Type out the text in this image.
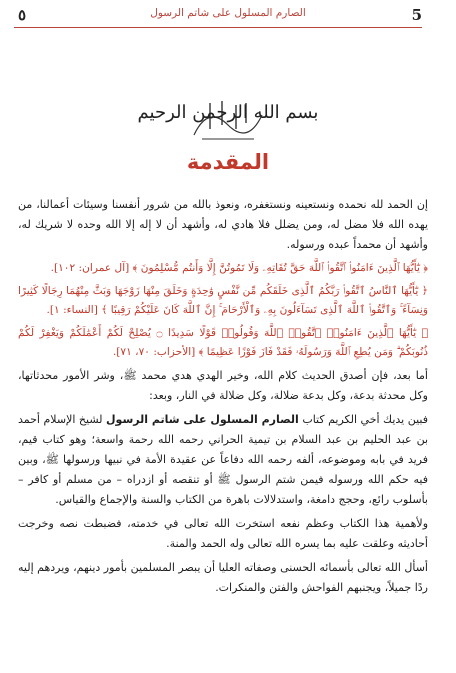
٥	الصارم المسلول على شاتم الرسول	5
بسم الله الرحمن الرحيم
المقدمة

إن الحمد لله نحمده ونستعينه ونستغفره، ونعوذ بالله من شرور أنفسنا وسيئات أعمالنا، من يهده الله فلا مضل له، ومن يضلل فلا هادي له، وأشهد أن لا إله إلا الله وحده لا شريك له، وأشهد أن محمداً عبده ورسوله.

﴿ يَٰٓأَيُّهَا ٱلَّذِينَ ءَامَنُوا۟ ٱتَّقُوا۟ ٱللَّهَ حَقَّ تُقَاتِهِۦ وَلَا تَمُوتُنَّ إِلَّا وَأَنتُم مُّسْلِمُونَ ﴾ [آل عمران: ١٠٢].

﴿ يَٰٓأَيُّهَا ٱلنَّاسُ ٱتَّقُوا۟ رَبَّكُمُ ٱلَّذِى خَلَقَكُم مِّن نَّفْسٍ وَٰحِدَةٍ وَخَلَقَ مِنْهَا زَوْجَهَا وَبَثَّ مِنْهُمَا رِجَالًا كَثِيرًا وَنِسَآءً ۚ وَٱتَّقُوا۟ ٱللَّهَ ٱلَّذِى تَسَآءَلُونَ بِهِۦ وَٱلْأَرْحَامَ ۚ إِنَّ ٱللَّهَ كَانَ عَلَيْكُمْ رَقِيبًا ﴾ [النساء: ١].

﴿ يَٰٓأَيُّهَا ٱلَّذِينَ ءَامَنُوا۟ ٱتَّقُوا۟ ٱللَّهَ وَقُولُوا۟ قَوْلًا سَدِيدًا ۝ يُصْلِحْ لَكُمْ أَعْمَٰلَكُمْ وَيَغْفِرْ لَكُمْ ذُنُوبَكُمْ ۗ وَمَن يُطِعِ ٱللَّهَ وَرَسُولَهُۥ فَقَدْ فَازَ فَوْزًا عَظِيمًا ﴾ [الأحزاب: ٧٠، ٧١].

أما بعد، فإن أصدق الحديث كلام الله، وخير الهدي هدي محمد ﷺ، وشر الأمور محدثاتها، وكل محدثة بدعة، وكل بدعة ضلالة، وكل ضلالة في النار، وبعد:

فبين يديك أخي الكريم كتاب الصارم المسلول على شاتم الرسول لشيخ الإسلام أحمد بن عبد الحليم بن عبد السلام بن تيمية الحراني رحمه الله رحمة واسعة؛ وهو كتاب قيم، فريد في بابه وموضوعه، ألفه رحمه الله دفاعاً عن عقيدة الأمة في نبيها ورسولها ﷺ، وبين فيه حكم الله ورسوله فيمن شتم الرسول ﷺ أو تنقصه أو ازدراه – من مسلم أو كافر – بأسلوب رائع، وحجج دامغة، واستدلالات باهرة من الكتاب والسنة والإجماع والقياس.

ولأهمية هذا الكتاب وعظم نفعه استخرت الله تعالى في خدمته، فضبطت نصه وخرجت أحاديثه وعلقت عليه بما يسره الله تعالى وله الحمد والمنة.

أسأل الله تعالى بأسمائه الحسنى وصفاته العليا أن يبصر المسلمين بأمور دينهم، ويردهم إليه ردًا جميلاً، ويجنبهم الفواحش والفتن والمنكرات.
